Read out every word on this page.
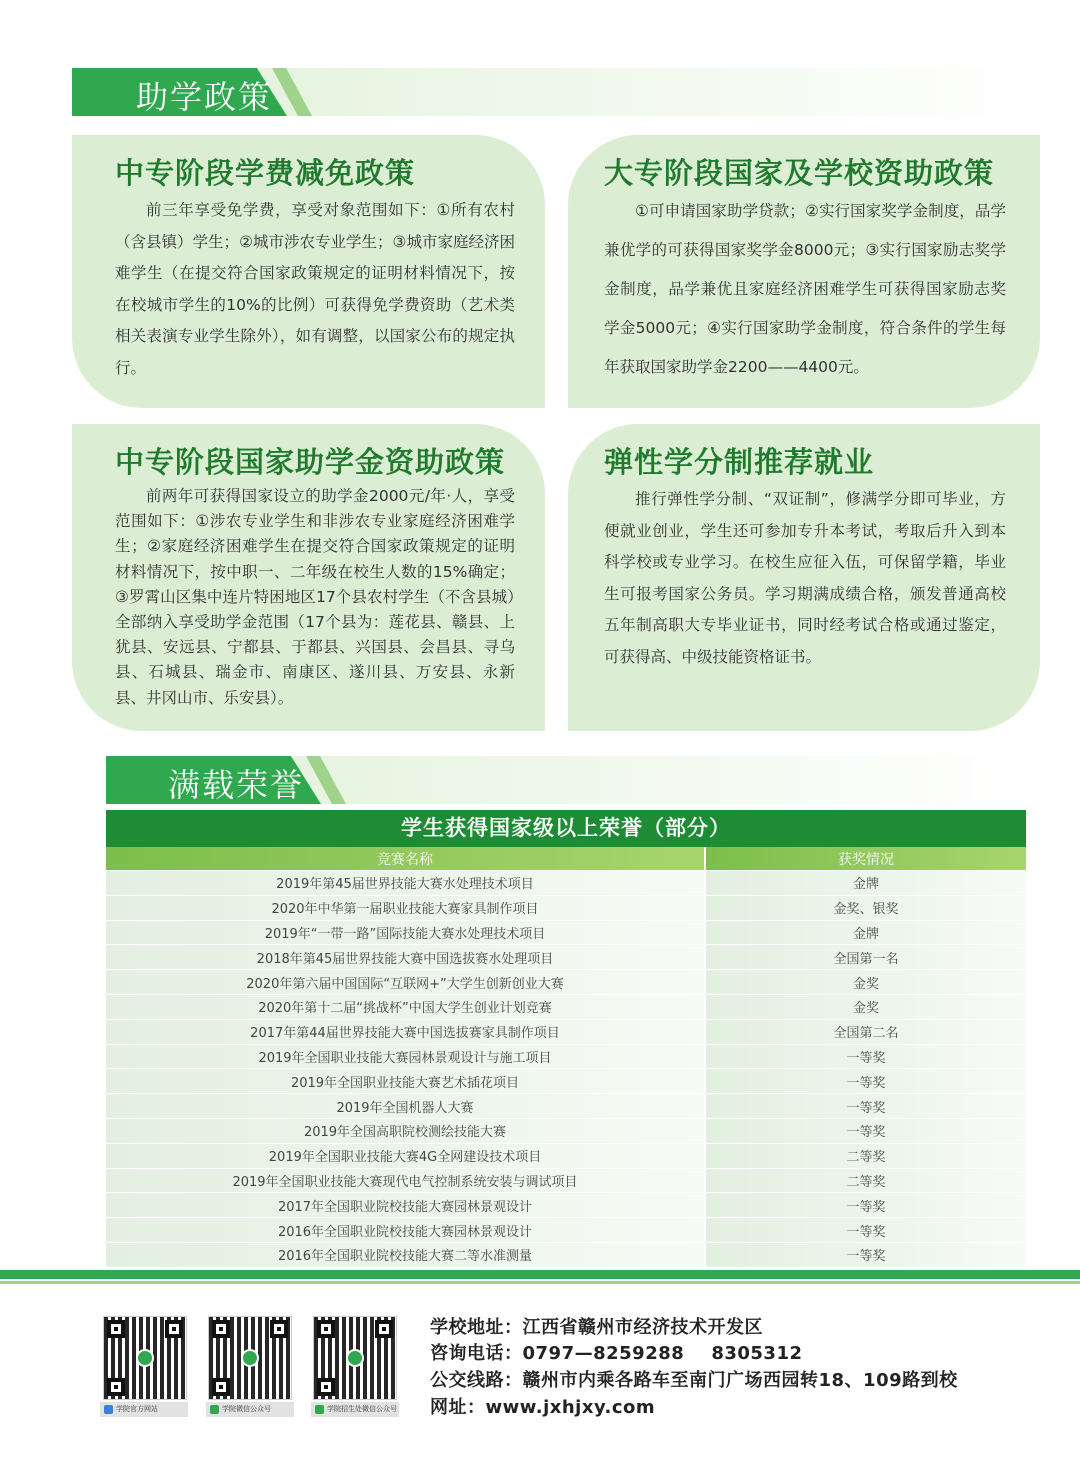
助学政策
中专阶段学费减免政策

前三年享受免学费，享受对象范围如下：①所有农村（含县镇）学生；②城市涉农专业学生；③城市家庭经济困难学生（在提交符合国家政策规定的证明材料情况下，按在校城市学生的10%的比例）可获得免学费资助（艺术类相关表演专业学生除外），如有调整，以国家公布的规定执行。

大专阶段国家及学校资助政策

①可申请国家助学贷款；②实行国家奖学金制度，品学兼优学的可获得国家奖学金8000元；③实行国家励志奖学金制度，品学兼优且家庭经济困难学生可获得国家励志奖学金5000元；④实行国家助学金制度，符合条件的学生每年获取国家助学金2200——4400元。

中专阶段国家助学金资助政策

前两年可获得国家设立的助学金2000元/年·人，享受范围如下：①涉农专业学生和非涉农专业家庭经济困难学生；②家庭经济困难学生在提交符合国家政策规定的证明材料情况下，按中职一、二年级在校生人数的15%确定；③罗霄山区集中连片特困地区17个县农村学生（不含县城）全部纳入享受助学金范围（17个县为：莲花县、赣县、上犹县、安远县、宁都县、于都县、兴国县、会昌县、寻乌县、石城县、瑞金市、南康区、遂川县、万安县、永新县、井冈山市、乐安县）。

弹性学分制推荐就业

推行弹性学分制、“双证制”，修满学分即可毕业，方便就业创业，学生还可参加专升本考试，考取后升入到本科学校或专业学习。在校生应征入伍，可保留学籍，毕业生可报考国家公务员。学习期满成绩合格，颁发普通高校五年制高职大专毕业证书，同时经考试合格或通过鉴定，可获得高、中级技能资格证书。

满载荣誉
学生获得国家级以上荣誉（部分）
竞赛名称	获奖情况
2019年第45届世界技能大赛水处理技术项目	金牌
2020年中华第一届职业技能大赛家具制作项目	金奖、银奖
2019年“一带一路”国际技能大赛水处理技术项目	金牌
2018年第45届世界技能大赛中国选拔赛水处理项目	全国第一名
2020年第六届中国国际“互联网+”大学生创新创业大赛	金奖
2020年第十二届“挑战杯”中国大学生创业计划竞赛	金奖
2017年第44届世界技能大赛中国选拔赛家具制作项目	全国第二名
2019年全国职业技能大赛园林景观设计与施工项目	一等奖
2019年全国职业技能大赛艺术插花项目	一等奖
2019年全国机器人大赛	一等奖
2019年全国高职院校测绘技能大赛	一等奖
2019年全国职业技能大赛4G全网建设技术项目	二等奖
2019年全国职业技能大赛现代电气控制系统安装与调试项目	二等奖
2017年全国职业院校技能大赛园林景观设计	一等奖
2016年全国职业院校技能大赛园林景观设计	一等奖
2016年全国职业院校技能大赛二等水准测量	一等奖
学院官方网站	学院微信公众号	学院招生处微信公众号
学校地址：江西省赣州市经济技术开发区
咨询电话：0797—8259288    8305312
公交线路：赣州市内乘各路车至南门广场西园转18、109路到校
网址：www.jxhjxy.com
